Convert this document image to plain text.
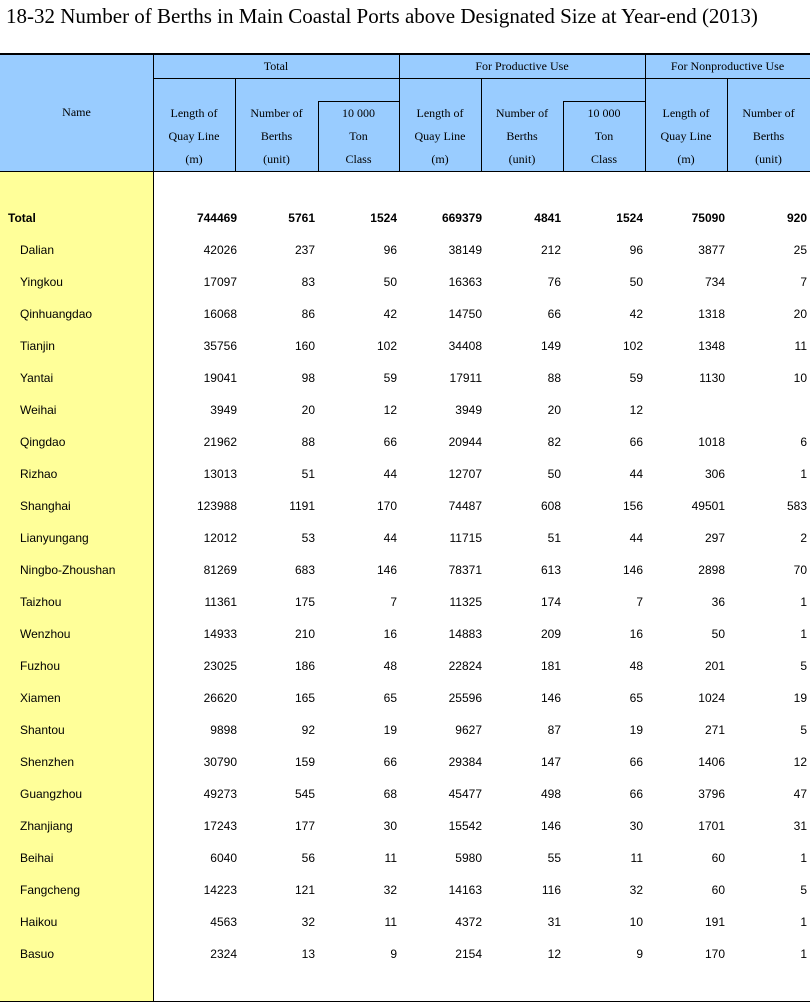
18-32 Number of Berths in Main Coastal Ports above Designated Size at Year-end (2013)
Name
Total	For Productive Use	For Nonproductive Use
Length of
Quay Line
(m)
Number of
Berths
(unit)
10 000
Ton
Class
Length of
Quay Line
(m)
Number of
Berths
(unit)
10 000
Ton
Class
Length of
Quay Line
(m)
Number of
Berths
(unit)
Total	744469	5761	1524	669379	4841	1524	75090	920
Dalian	42026	237	96	38149	212	96	3877	25
Yingkou	17097	83	50	16363	76	50	734	7
Qinhuangdao	16068	86	42	14750	66	42	1318	20
Tianjin	35756	160	102	34408	149	102	1348	11
Yantai	19041	98	59	17911	88	59	1130	10
Weihai	3949	20	12	3949	20	12
Qingdao	21962	88	66	20944	82	66	1018	6
Rizhao	13013	51	44	12707	50	44	306	1
Shanghai	123988	1191	170	74487	608	156	49501	583
Lianyungang	12012	53	44	11715	51	44	297	2
Ningbo-Zhoushan	81269	683	146	78371	613	146	2898	70
Taizhou	11361	175	7	11325	174	7	36	1
Wenzhou	14933	210	16	14883	209	16	50	1
Fuzhou	23025	186	48	22824	181	48	201	5
Xiamen	26620	165	65	25596	146	65	1024	19
Shantou	9898	92	19	9627	87	19	271	5
Shenzhen	30790	159	66	29384	147	66	1406	12
Guangzhou	49273	545	68	45477	498	66	3796	47
Zhanjiang	17243	177	30	15542	146	30	1701	31
Beihai	6040	56	11	5980	55	11	60	1
Fangcheng	14223	121	32	14163	116	32	60	5
Haikou	4563	32	11	4372	31	10	191	1
Basuo	2324	13	9	2154	12	9	170	1
